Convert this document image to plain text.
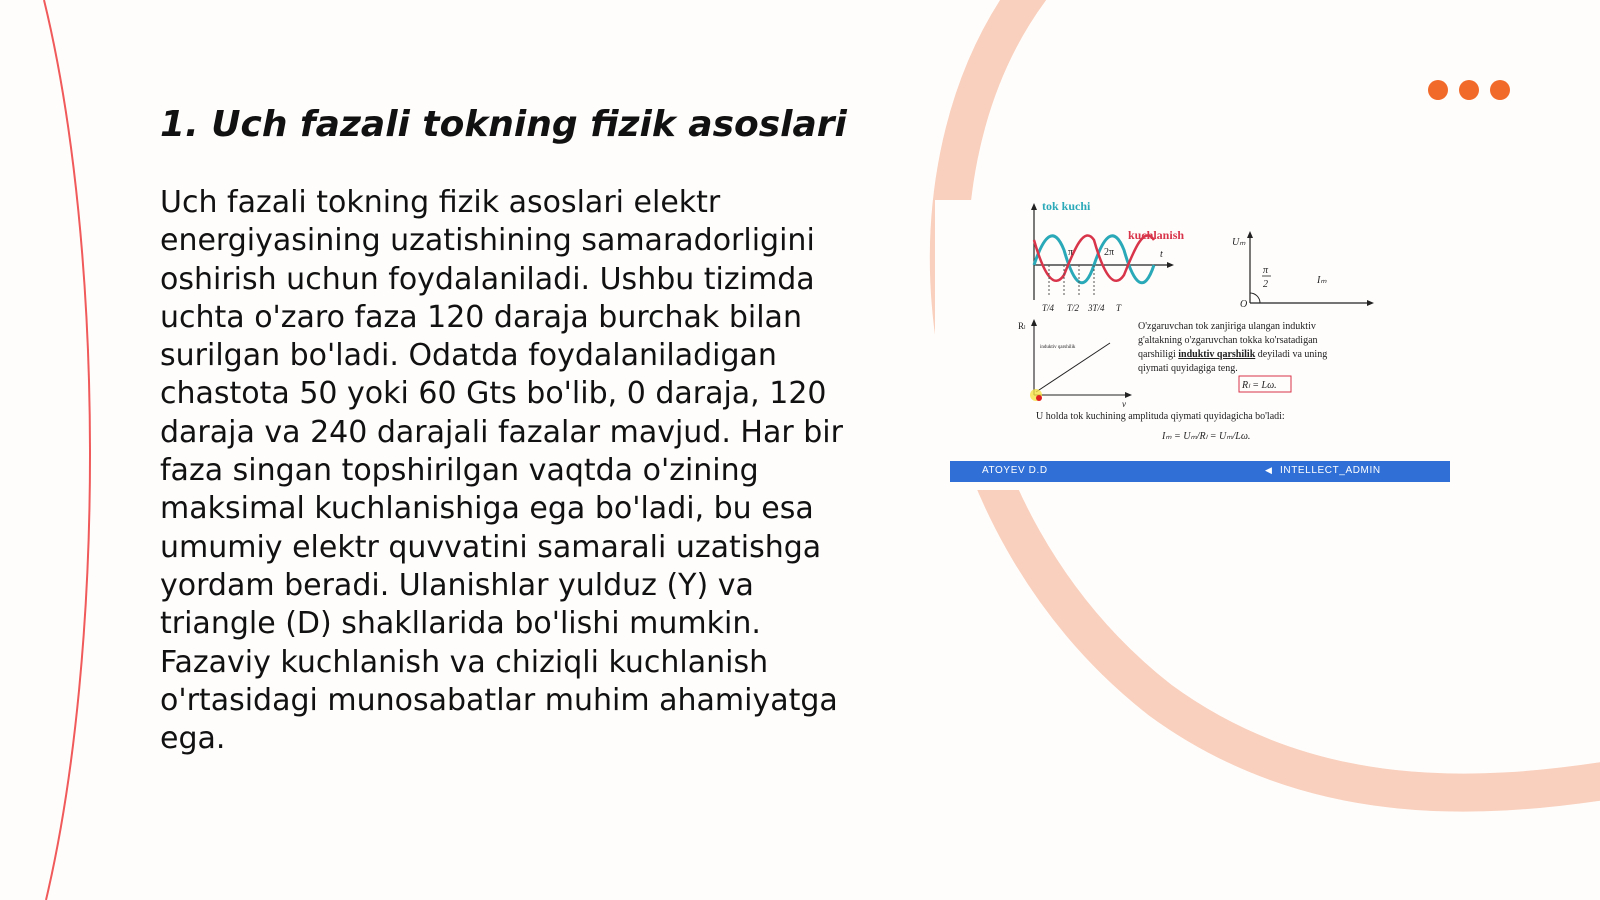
1. Uch fazali tokning fizik asoslari

Uch fazali tokning fizik asoslari elektr energiyasining uzatishining samaradorligini oshirish uchun foydalaniladi. Ushbu tizimda uchta o'zaro faza 120 daraja burchak bilan surilgan bo'ladi. Odatda foydalaniladigan chastota 50 yoki 60 Gts bo'lib, 0 daraja, 120 daraja va 240 darajali fazalar mavjud. Har bir faza singan topshirilgan vaqtda o'zining maksimal kuchlanishiga ega bo'ladi, bu esa umumiy elektr quvvatini samarali uzatishga yordam beradi. Ulanishlar yulduz (Y) va triangle (D) shakllarida bo'lishi mumkin. Fazaviy kuchlanish va chiziqli kuchlanish o'rtasidagi munosabatlar muhim ahamiyatga ega.

tok kuchi
kuchlanish
t
π	2π
T/4 T/2 3T/4 T
Uₘ
π
2	Iₘ
O
Rₗ
induktiv qarshilik
ν
O'zgaruvchan tok zanjiriga ulangan induktiv
g'altakning o'zgaruvchan tokka ko'rsatadigan
qarshiligi induktiv qarshilik deyiladi va uning
qiymati quyidagiga teng.
Rₗ = Lω.
U holda tok kuchining amplituda qiymati quyidagicha bo'ladi:
Iₘ = Uₘ/Rₗ = Uₘ/Lω.
ATOYEV D.D	◀ INTELLECT_ADMIN
